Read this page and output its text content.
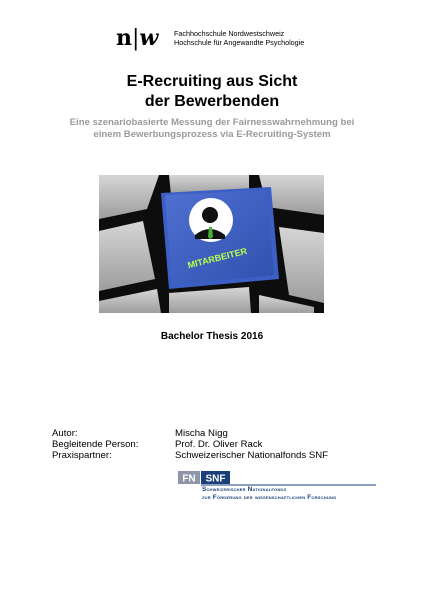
n|w Fachhochschule Nordwestschweiz
Hochschule für Angewandte Psychologie
E-Recruiting aus Sicht
der Bewerbenden
Eine szenariobasierte Messung der Fairnesswahrnehmung bei
einem Bewerbungsprozess via E-Recruiting-System
MITARBEITER
Bachelor Thesis 2016
Autor:	Mischa Nigg
Begleitende Person:	Prof. Dr. Oliver Rack
Praxispartner:	Schweizerischer Nationalfonds SNF
FN SNF
Schweizerischer Nationalfonds
zur Förderung der wissenschaftlichen Forschung
